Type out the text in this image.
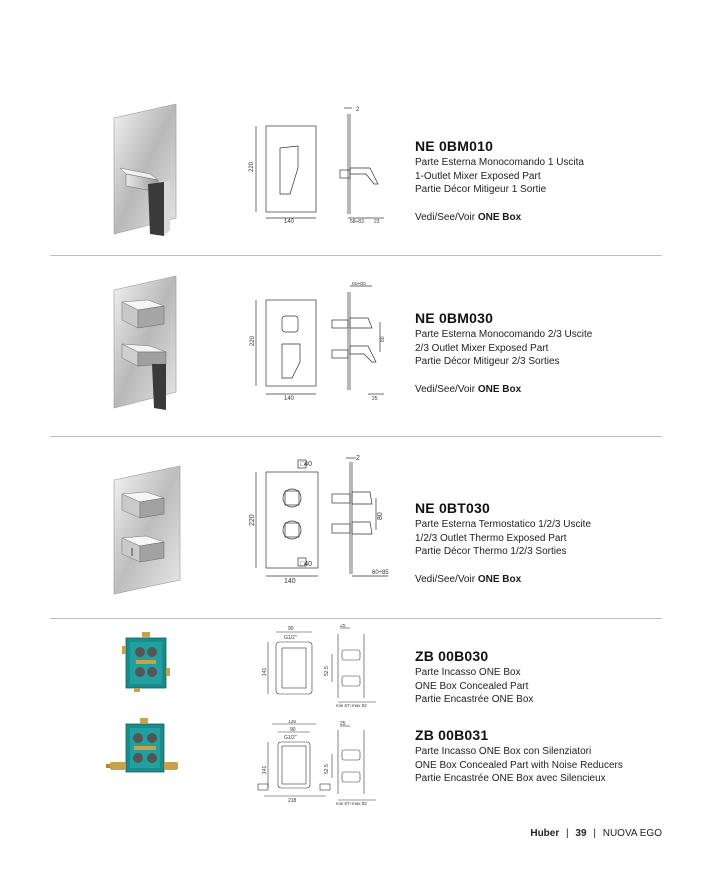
2
220
140	58÷83 23

NE 0BM010

Parte Esterna Monocomando 1 Uscita

1-Outlet Mixer Exposed Part

Partie Décor Mitigeur 1 Sortie

Vedi/See/Voir ONE Box
60÷85
220	80
140	25

NE 0BM030

Parte Esterna Monocomando 2/3 Uscite

2/3 Outlet Mixer Exposed Part

Partie Décor Mitigeur 2/3 Sorties

Vedi/See/Voir ONE Box
□40
□40
2
220	80
140
60÷85

NE 0BT030

Parte Esterna Termostatico 1/2/3 Uscite

1/2/3 Outlet Thermo Exposed Part

Partie Décor Thermo 1/2/3 Sorties

Vedi/See/Voir ONE Box
90
G1/2"
25
52.5
141
min 67÷max 92

ZB 00B030

Parte Incasso ONE Box

ONE Box Concealed Part

Partie Encastrée ONE Box

130
90
G1/2"
25
52.5
141
218	min 67÷max 92

ZB 00B031

Parte Incasso ONE Box con Silenziatori

ONE Box Concealed Part with Noise Reducers

Partie Encastrée ONE Box avec Silencieux

Huber | 39 | NUOVA EGO
